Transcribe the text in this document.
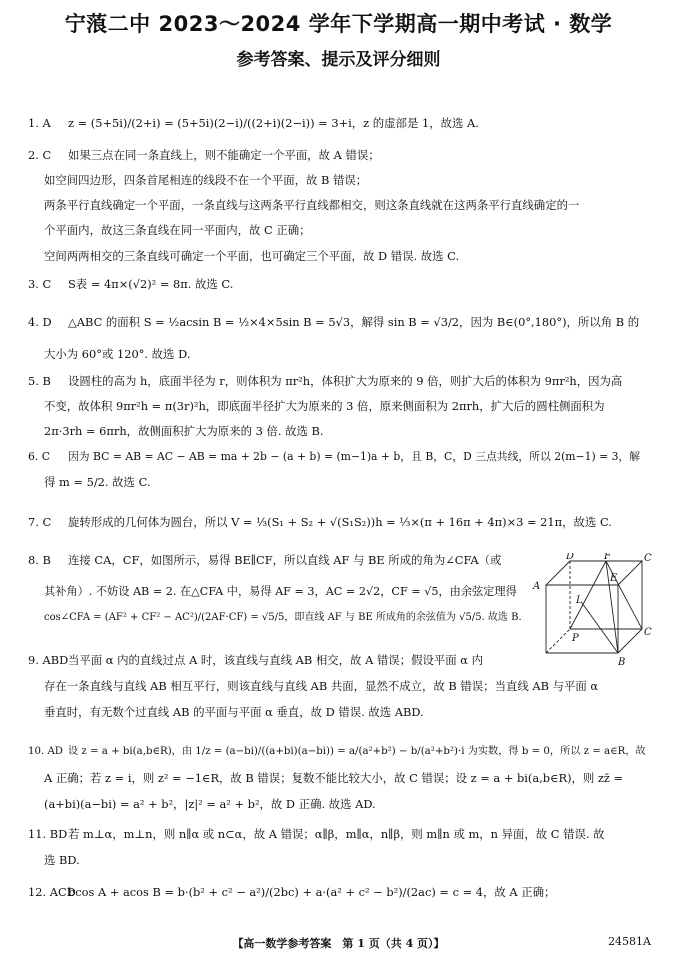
宁蒗二中 2023～2024 学年下学期高一期中考试 · 数学
参考答案、提示及评分细则
1. A z = (5+5i)/(2+i) = (5+5i)(2−i)/((2+i)(2−i)) = 3+i，z 的虚部是 1，故选 A.
2. C 如果三点在同一条直线上，则不能确定一个平面，故 A 错误；
如空间四边形，四条首尾相连的线段不在一个平面，故 B 错误；
两条平行直线确定一个平面，一条直线与这两条平行直线都相交，则这条直线就在这两条平行直线确定的一
个平面内，故这三条直线在同一平面内，故 C 正确；
空间两两相交的三条直线可确定一个平面，也可确定三个平面，故 D 错误. 故选 C.
3. C S表 = 4π×(√2)² = 8π. 故选 C.
4. D △ABC 的面积 S = ½acsin B = ½×4×5sin B = 5√3，解得 sin B = √3/2，因为 B∈(0°,180°)，所以角 B 的
大小为 60°或 120°. 故选 D.
5. B 设圆柱的高为 h，底面半径为 r，则体积为 πr²h，体积扩大为原来的 9 倍，则扩大后的体积为 9πr²h，因为高
不变，故体积 9πr²h = π(3r)²h，即底面半径扩大为原来的 3 倍，原来侧面积为 2πrh，扩大后的圆柱侧面积为
2π·3rh = 6πrh，故侧面积扩大为原来的 3 倍. 故选 B.
6. C 因为 BC = AB = AC − AB = ma + 2b − (a + b) = (m−1)a + b，且 B，C，D 三点共线，所以 2(m−1) = 3，解
得 m = 5/2. 故选 C.
7. C 旋转形成的几何体为圆台，所以 V = ⅓(S₁ + S₂ + √(S₁S₂))h = ⅓×(π + 16π + 4π)×3 = 21π，故选 C.
8. B 连接 CA，CF，如图所示，易得 BE∥CF，所以直线 AF 与 BE 所成的角为∠CFA（或
其补角）. 不妨设 AB = 2. 在△CFA 中，易得 AF = 3，AC = 2√2，CF = √5，由余弦定理得
cos∠CFA = (AF² + CF² − AC²)/(2AF·CF) = √5/5，即直线 AF 与 BE 所成角的余弦值为 √5/5. 故选 B.
9. ABD当平面 α 内的直线过点 A 时，该直线与直线 AB 相交，故 A 错误；假设平面 α 内
存在一条直线与直线 AB 相互平行，则该直线与直线 AB 共面，显然不成立，故 B 错误；当直线 AB 与平面 α
垂直时，有无数个过直线 AB 的平面与平面 α 垂直，故 D 错误. 故选 ABD.
10. AD 设 z = a + bi(a,b∈R)，由 1/z = (a−bi)/((a+bi)(a−bi)) = a/(a²+b²) − b/(a²+b²)·i 为实数，得 b = 0，所以 z = a∈R，故
A 正确；若 z = i，则 z² = −1∈R，故 B 错误；复数不能比较大小，故 C 错误；设 z = a + bi(a,b∈R)，则 zz̄ =
(a+bi)(a−bi) = a² + b²，|z|² = a² + b²，故 D 正确. 故选 AD.
11. BD若 m⊥α，m⊥n，则 n∥α 或 n⊂α，故 A 错误；α∥β，m∥α，n∥β，则 m∥n 或 m，n 异面，故 C 错误. 故
选 BD.
12. ACDbcos A + acos B = b·(b² + c² − a²)/(2bc) + a·(a² + c² − b²)/(2ac) = c = 4，故 A 正确；
D	F	C
E
A
L
B
C
P
【高一数学参考答案　第 1 页（共 4 页）】	24581A
